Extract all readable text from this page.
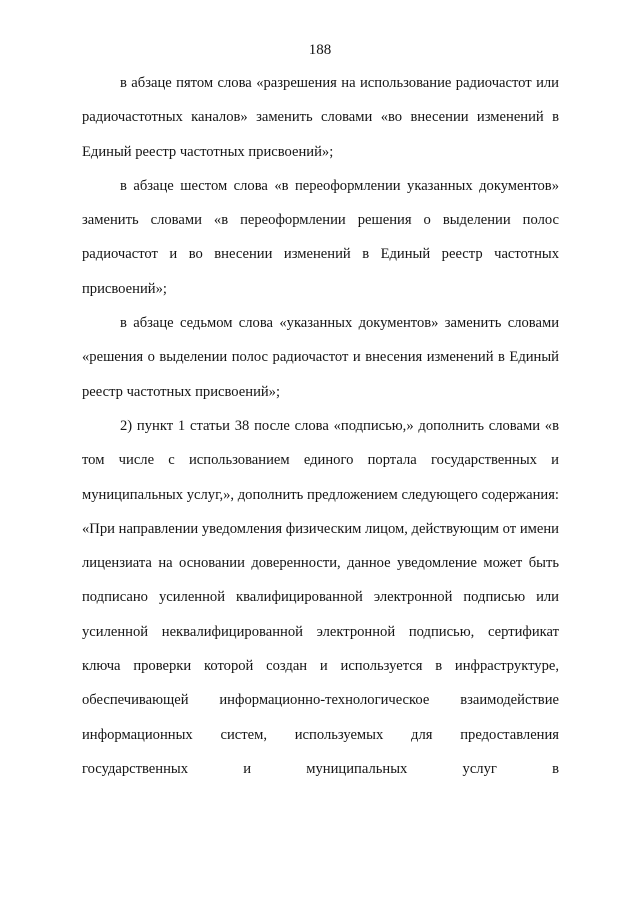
188

в абзаце пятом слова «разрешения на использование радиочастот или радиочастотных каналов» заменить словами «во внесении изменений в Единый реестр частотных присвоений»;

в абзаце шестом слова «в переоформлении указанных документов» заменить словами «в переоформлении решения о выделении полос радиочастот и во внесении изменений в Единый реестр частотных присвоений»;

в абзаце седьмом слова «указанных документов» заменить словами «решения о выделении полос радиочастот и внесения изменений в Единый реестр частотных присвоений»;

2) пункт 1 статьи 38 после слова «подписью,» дополнить словами «в том числе с использованием единого портала государственных и муниципальных услуг,», дополнить предложением следующего содержания: «При направлении уведомления физическим лицом, действующим от имени лицензиата на основании доверенности, данное уведомление может быть подписано усиленной квалифицированной электронной подписью или усиленной неквалифицированной электронной подписью, сертификат ключа проверки которой создан и используется в инфраструктуре, обеспечивающей информационно-технологическое взаимодействие информационных систем, используемых для предоставления государственных и муниципальных услуг в
